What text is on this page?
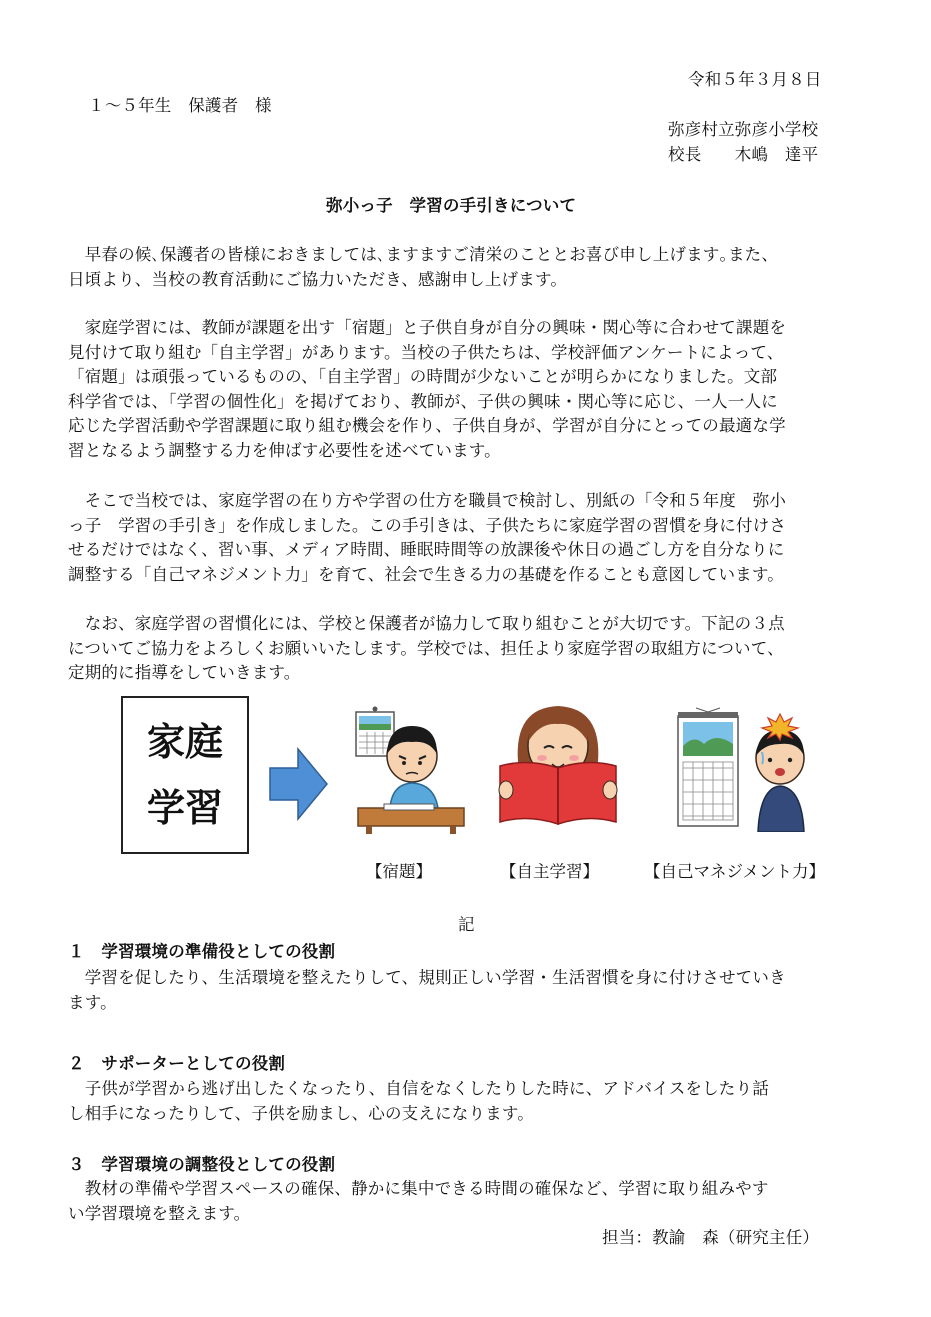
令和５年３月８日
１～５年生　保護者　様
弥彦村立弥彦小学校
校長　　木嶋　達平
弥小っ子　学習の手引きについて
　早春の候､保護者の皆様におきましては､ますますご清栄のこととお喜び申し上げます｡また、
日頃より、当校の教育活動にご協力いただき、感謝申し上げます。
　家庭学習には、教師が課題を出す「宿題」と子供自身が自分の興味・関心等に合わせて課題を
見付けて取り組む「自主学習」があります。当校の子供たちは、学校評価アンケートによって、
「宿題」は頑張っているものの、「自主学習」の時間が少ないことが明らかになりました。文部
科学省では、「学習の個性化」を掲げており、教師が、子供の興味・関心等に応じ、一人一人に
応じた学習活動や学習課題に取り組む機会を作り、子供自身が、学習が自分にとっての最適な学
習となるよう調整する力を伸ばす必要性を述べています。
　そこで当校では、家庭学習の在り方や学習の仕方を職員で検討し、別紙の「令和５年度　弥小
っ子　学習の手引き」を作成しました。この手引きは、子供たちに家庭学習の習慣を身に付けさ
せるだけではなく、習い事、メディア時間、睡眠時間等の放課後や休日の過ごし方を自分なりに
調整する「自己マネジメント力」を育て、社会で生きる力の基礎を作ることも意図しています。
　なお、家庭学習の習慣化には、学校と保護者が協力して取り組むことが大切です。下記の３点
についてご協力をよろしくお願いいたします。学校では、担任より家庭学習の取組方について、
定期的に指導をしていきます。
家庭
学習
【宿題】	【自主学習】	【自己マネジメント力】
記
１　学習環境の準備役としての役割
　学習を促したり、生活環境を整えたりして、規則正しい学習・生活習慣を身に付けさせていき
ます。
２　サポーターとしての役割
　子供が学習から逃げ出したくなったり、自信をなくしたりした時に、アドバイスをしたり話
し相手になったりして、子供を励まし、心の支えになります。
３　学習環境の調整役としての役割
　教材の準備や学習スペースの確保、静かに集中できる時間の確保など、学習に取り組みやす
い学習環境を整えます。
担当：教諭　森（研究主任）
